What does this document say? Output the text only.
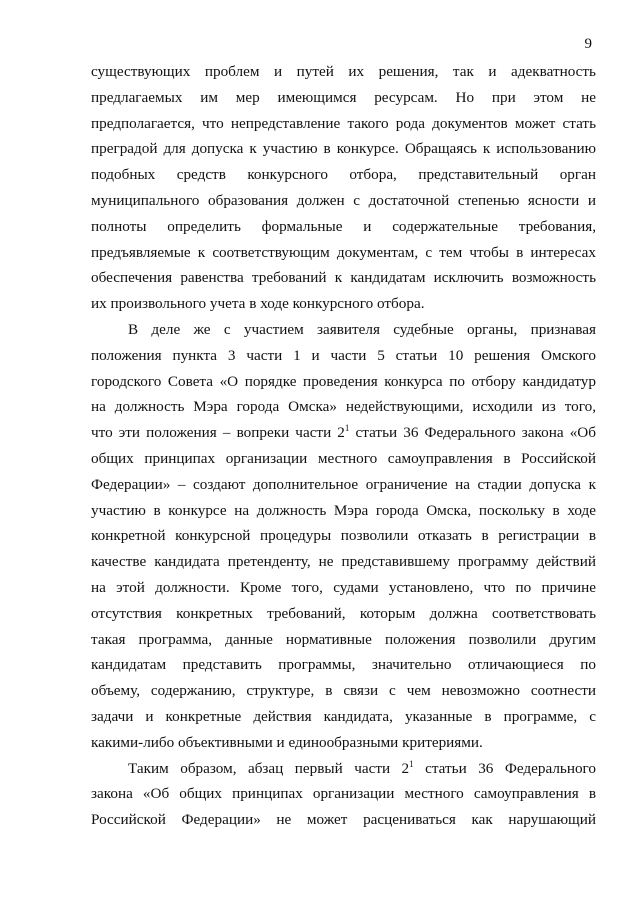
9
существующих проблем и путей их решения, так и адекватность
предлагаемых им мер имеющимся ресурсам. Но при этом не
предполагается, что непредставление такого рода документов может стать
преградой для допуска к участию в конкурсе. Обращаясь к использованию
подобных средств конкурсного отбора, представительный орган
муниципального образования должен с достаточной степенью ясности и
полноты определить формальные и содержательные требования,
предъявляемые к соответствующим документам, с тем чтобы в интересах
обеспечения равенства требований к кандидатам исключить возможность
их произвольного учета в ходе конкурсного отбора.
В деле же с участием заявителя судебные органы, признавая
положения пункта 3 части 1 и части 5 статьи 10 решения Омского
городского Совета «О порядке проведения конкурса по отбору кандидатур
на должность Мэра города Омска» недействующими, исходили из того,
что эти положения – вопреки части $2^1$ статьи 36 Федерального закона «Об
общих принципах организации местного самоуправления в Российской
Федерации» – создают дополнительное ограничение на стадии допуска к
участию в конкурсе на должность Мэра города Омска, поскольку в ходе
конкретной конкурсной процедуры позволили отказать в регистрации в
качестве кандидата претенденту, не представившему программу действий
на этой должности. Кроме того, судами установлено, что по причине
отсутствия конкретных требований, которым должна соответствовать
такая программа, данные нормативные положения позволили другим
кандидатам представить программы, значительно отличающиеся по
объему, содержанию, структуре, в связи с чем невозможно соотнести
задачи и конкретные действия кандидата, указанные в программе, с
какими-либо объективными и единообразными критериями.
Таким образом, абзац первый части $2^1$ статьи 36 Федерального
закона «Об общих принципах организации местного самоуправления в
Российской Федерации» не может расцениваться как нарушающий
